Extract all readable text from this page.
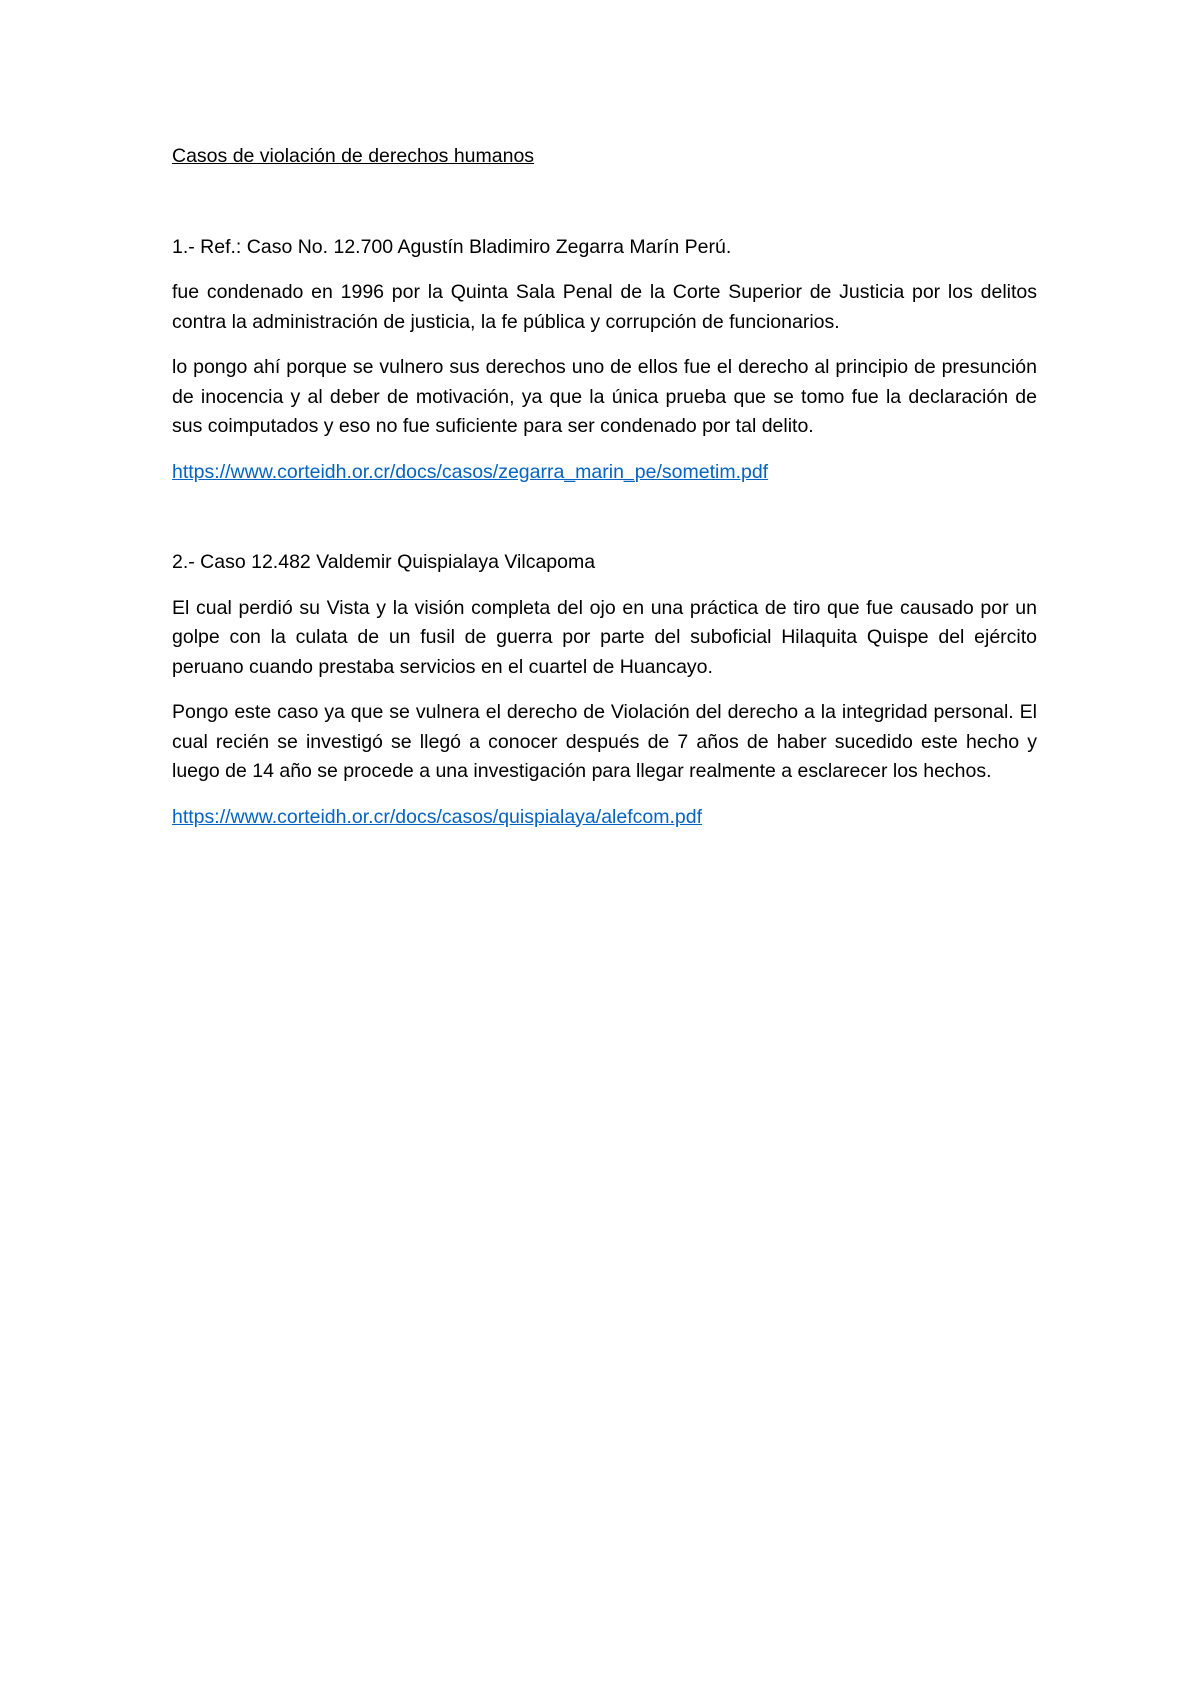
Casos de violación de derechos humanos
1.- Ref.: Caso No. 12.700 Agustín Bladimiro Zegarra Marín Perú.

fue condenado en 1996 por la Quinta Sala Penal de la Corte Superior de Justicia por los delitos contra la administración de justicia, la fe pública y corrupción de funcionarios.

lo pongo ahí porque se vulnero sus derechos uno de ellos fue el derecho al principio de presunción de inocencia y al deber de motivación, ya que la única prueba que se tomo fue la declaración de sus coimputados y eso no fue suficiente para ser condenado por tal delito.

https://www.corteidh.or.cr/docs/casos/zegarra_marin_pe/sometim.pdf
2.- Caso 12.482 Valdemir Quispialaya Vilcapoma

El cual perdió su Vista y la visión completa del ojo en una práctica de tiro que fue causado por un golpe con la culata de un fusil de guerra por parte del suboficial Hilaquita Quispe del ejército peruano cuando prestaba servicios en el cuartel de Huancayo.

Pongo este caso ya que se vulnera el derecho de Violación del derecho a la integridad personal. El cual recién se investigó se llegó a conocer después de 7 años de haber sucedido este hecho y luego de 14 año se procede a una investigación para llegar realmente a esclarecer los hechos.

https://www.corteidh.or.cr/docs/casos/quispialaya/alefcom.pdf
